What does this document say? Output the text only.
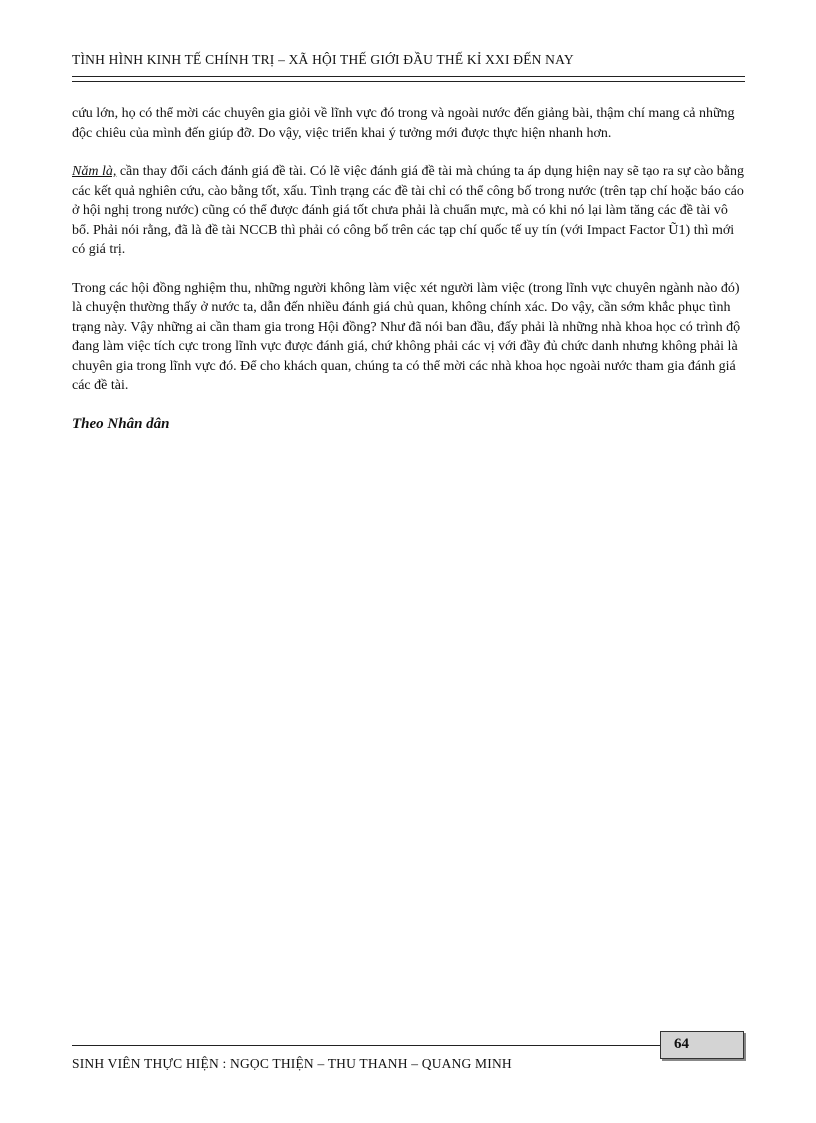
TÌNH HÌNH KINH TẾ CHÍNH TRỊ – XÃ HỘI THẾ GIỚI ĐẦU THẾ KỈ XXI ĐẾN NAY

cứu lớn, họ có thể mời các chuyên gia giỏi về lĩnh vực đó trong và ngoài nước đến giảng bài, thậm chí mang cả những độc chiêu của mình đến giúp đỡ. Do vậy, việc triển khai ý tưởng mới được thực hiện nhanh hơn.

Năm là, cần thay đổi cách đánh giá đề tài. Có lẽ việc đánh giá đề tài mà chúng ta áp dụng hiện nay sẽ tạo ra sự cào bằng các kết quả nghiên cứu, cào bằng tốt, xấu. Tình trạng các đề tài chỉ có thể công bố trong nước (trên tạp chí hoặc báo cáo ở hội nghị trong nước) cũng có thể được đánh giá tốt chưa phải là chuẩn mực, mà có khi nó lại làm tăng các đề tài vô bổ. Phải nói rằng, đã là đề tài NCCB thì phải có công bố trên các tạp chí quốc tế uy tín (với Impact Factor Ũ1) thì mới có giá trị.

Trong các hội đồng nghiệm thu, những người không làm việc xét người làm việc (trong lĩnh vực chuyên ngành nào đó) là chuyện thường thấy ở nước ta, dẫn đến nhiều đánh giá chủ quan, không chính xác. Do vậy, cần sớm khắc phục tình trạng này. Vậy những ai cần tham gia trong Hội đồng? Như đã nói ban đầu, đấy phải là những nhà khoa học có trình độ đang làm việc tích cực trong lĩnh vực được đánh giá, chứ không phải các vị với đầy đủ chức danh nhưng không phải là chuyên gia trong lĩnh vực đó. Để cho khách quan, chúng ta có thể mời các nhà khoa học ngoài nước tham gia đánh giá các đề tài.

Theo Nhân dân

64
SINH VIÊN THỰC HIỆN : NGỌC THIỆN – THU THANH – QUANG MINH
